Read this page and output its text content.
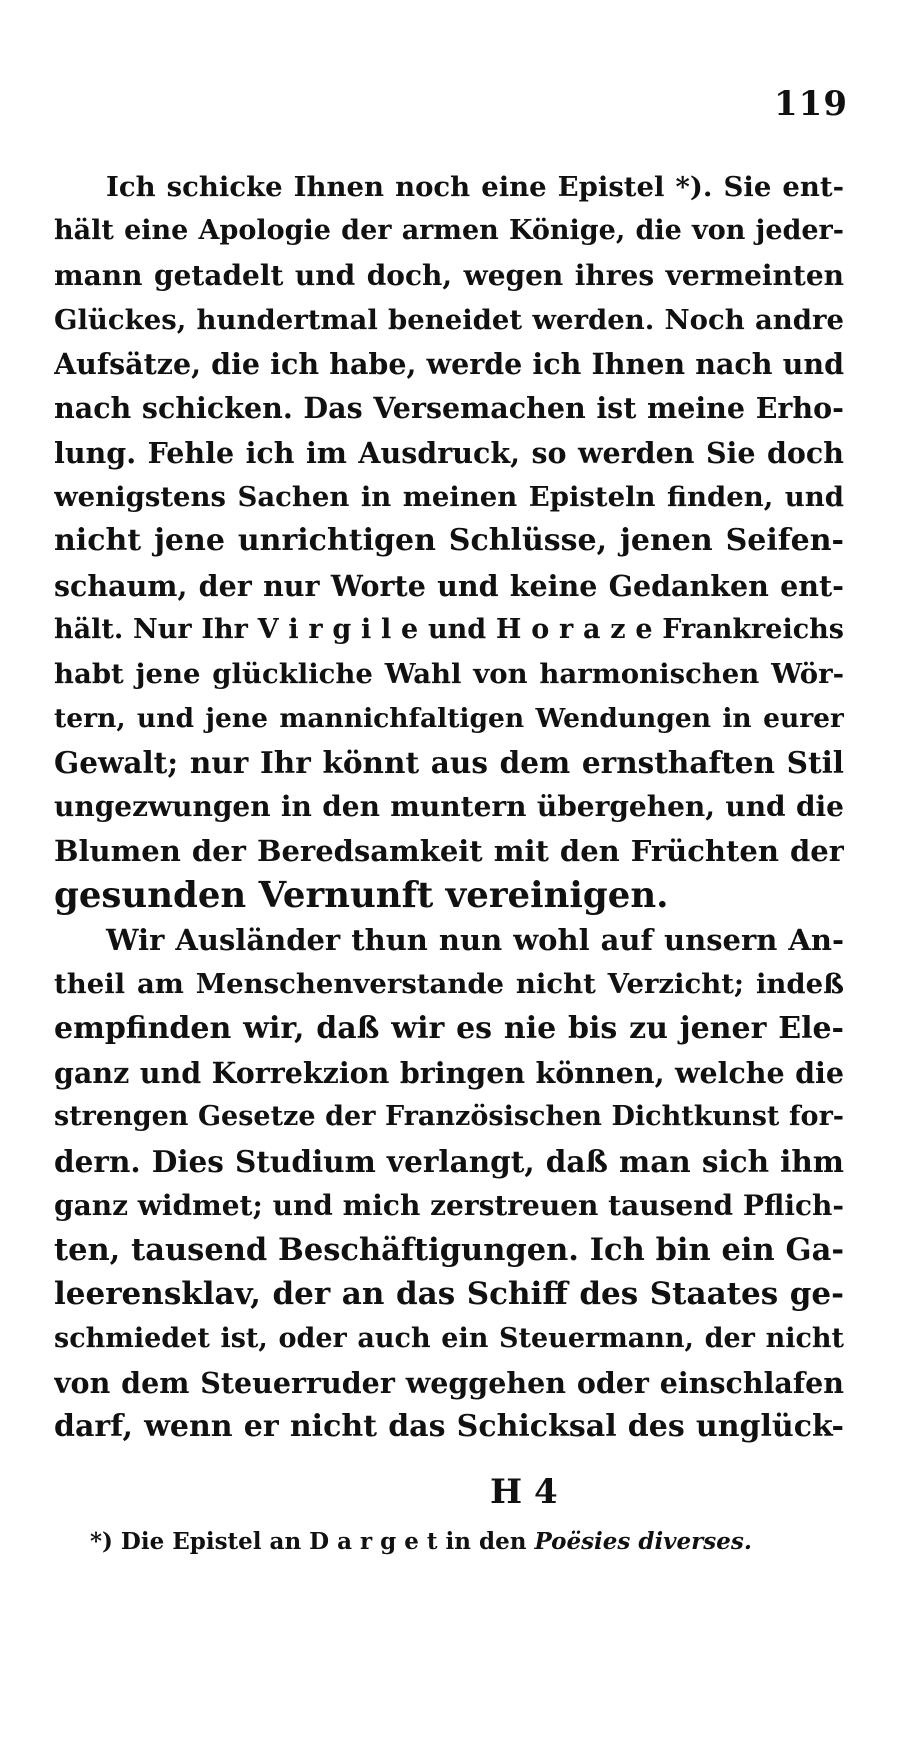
119
Ich schicke Ihnen noch eine Epistel *). Sie ent-
hält eine Apologie der armen Könige, die von jeder-
mann getadelt und doch, wegen ihres vermeinten
Glückes, hundertmal beneidet werden. Noch andre
Aufsätze, die ich habe, werde ich Ihnen nach und
nach schicken. Das Versemachen ist meine Erho-
lung. Fehle ich im Ausdruck, so werden Sie doch
wenigstens Sachen in meinen Episteln finden, und
nicht jene unrichtigen Schlüsse, jenen Seifen-
schaum, der nur Worte und keine Gedanken ent-
hält. Nur Ihr V i r g i l e und H o r a z e Frankreichs
habt jene glückliche Wahl von harmonischen Wör-
tern, und jene mannichfaltigen Wendungen in eurer
Gewalt; nur Ihr könnt aus dem ernsthaften Stil
ungezwungen in den muntern übergehen, und die
Blumen der Beredsamkeit mit den Früchten der
gesunden Vernunft vereinigen.
Wir Ausländer thun nun wohl auf unsern An-
theil am Menschenverstande nicht Verzicht; indeß
empfinden wir, daß wir es nie bis zu jener Ele-
ganz und Korrekzion bringen können, welche die
strengen Gesetze der Französischen Dichtkunst for-
dern. Dies Studium verlangt, daß man sich ihm
ganz widmet; und mich zerstreuen tausend Pflich-
ten, tausend Beschäftigungen. Ich bin ein Ga-
leerensklav, der an das Schiff des Staates ge-
schmiedet ist, oder auch ein Steuermann, der nicht
von dem Steuerruder weggehen oder einschlafen
darf, wenn er nicht das Schicksal des unglück-
H 4
*) Die Epistel an D a r g e t in den Poësies diverses.
